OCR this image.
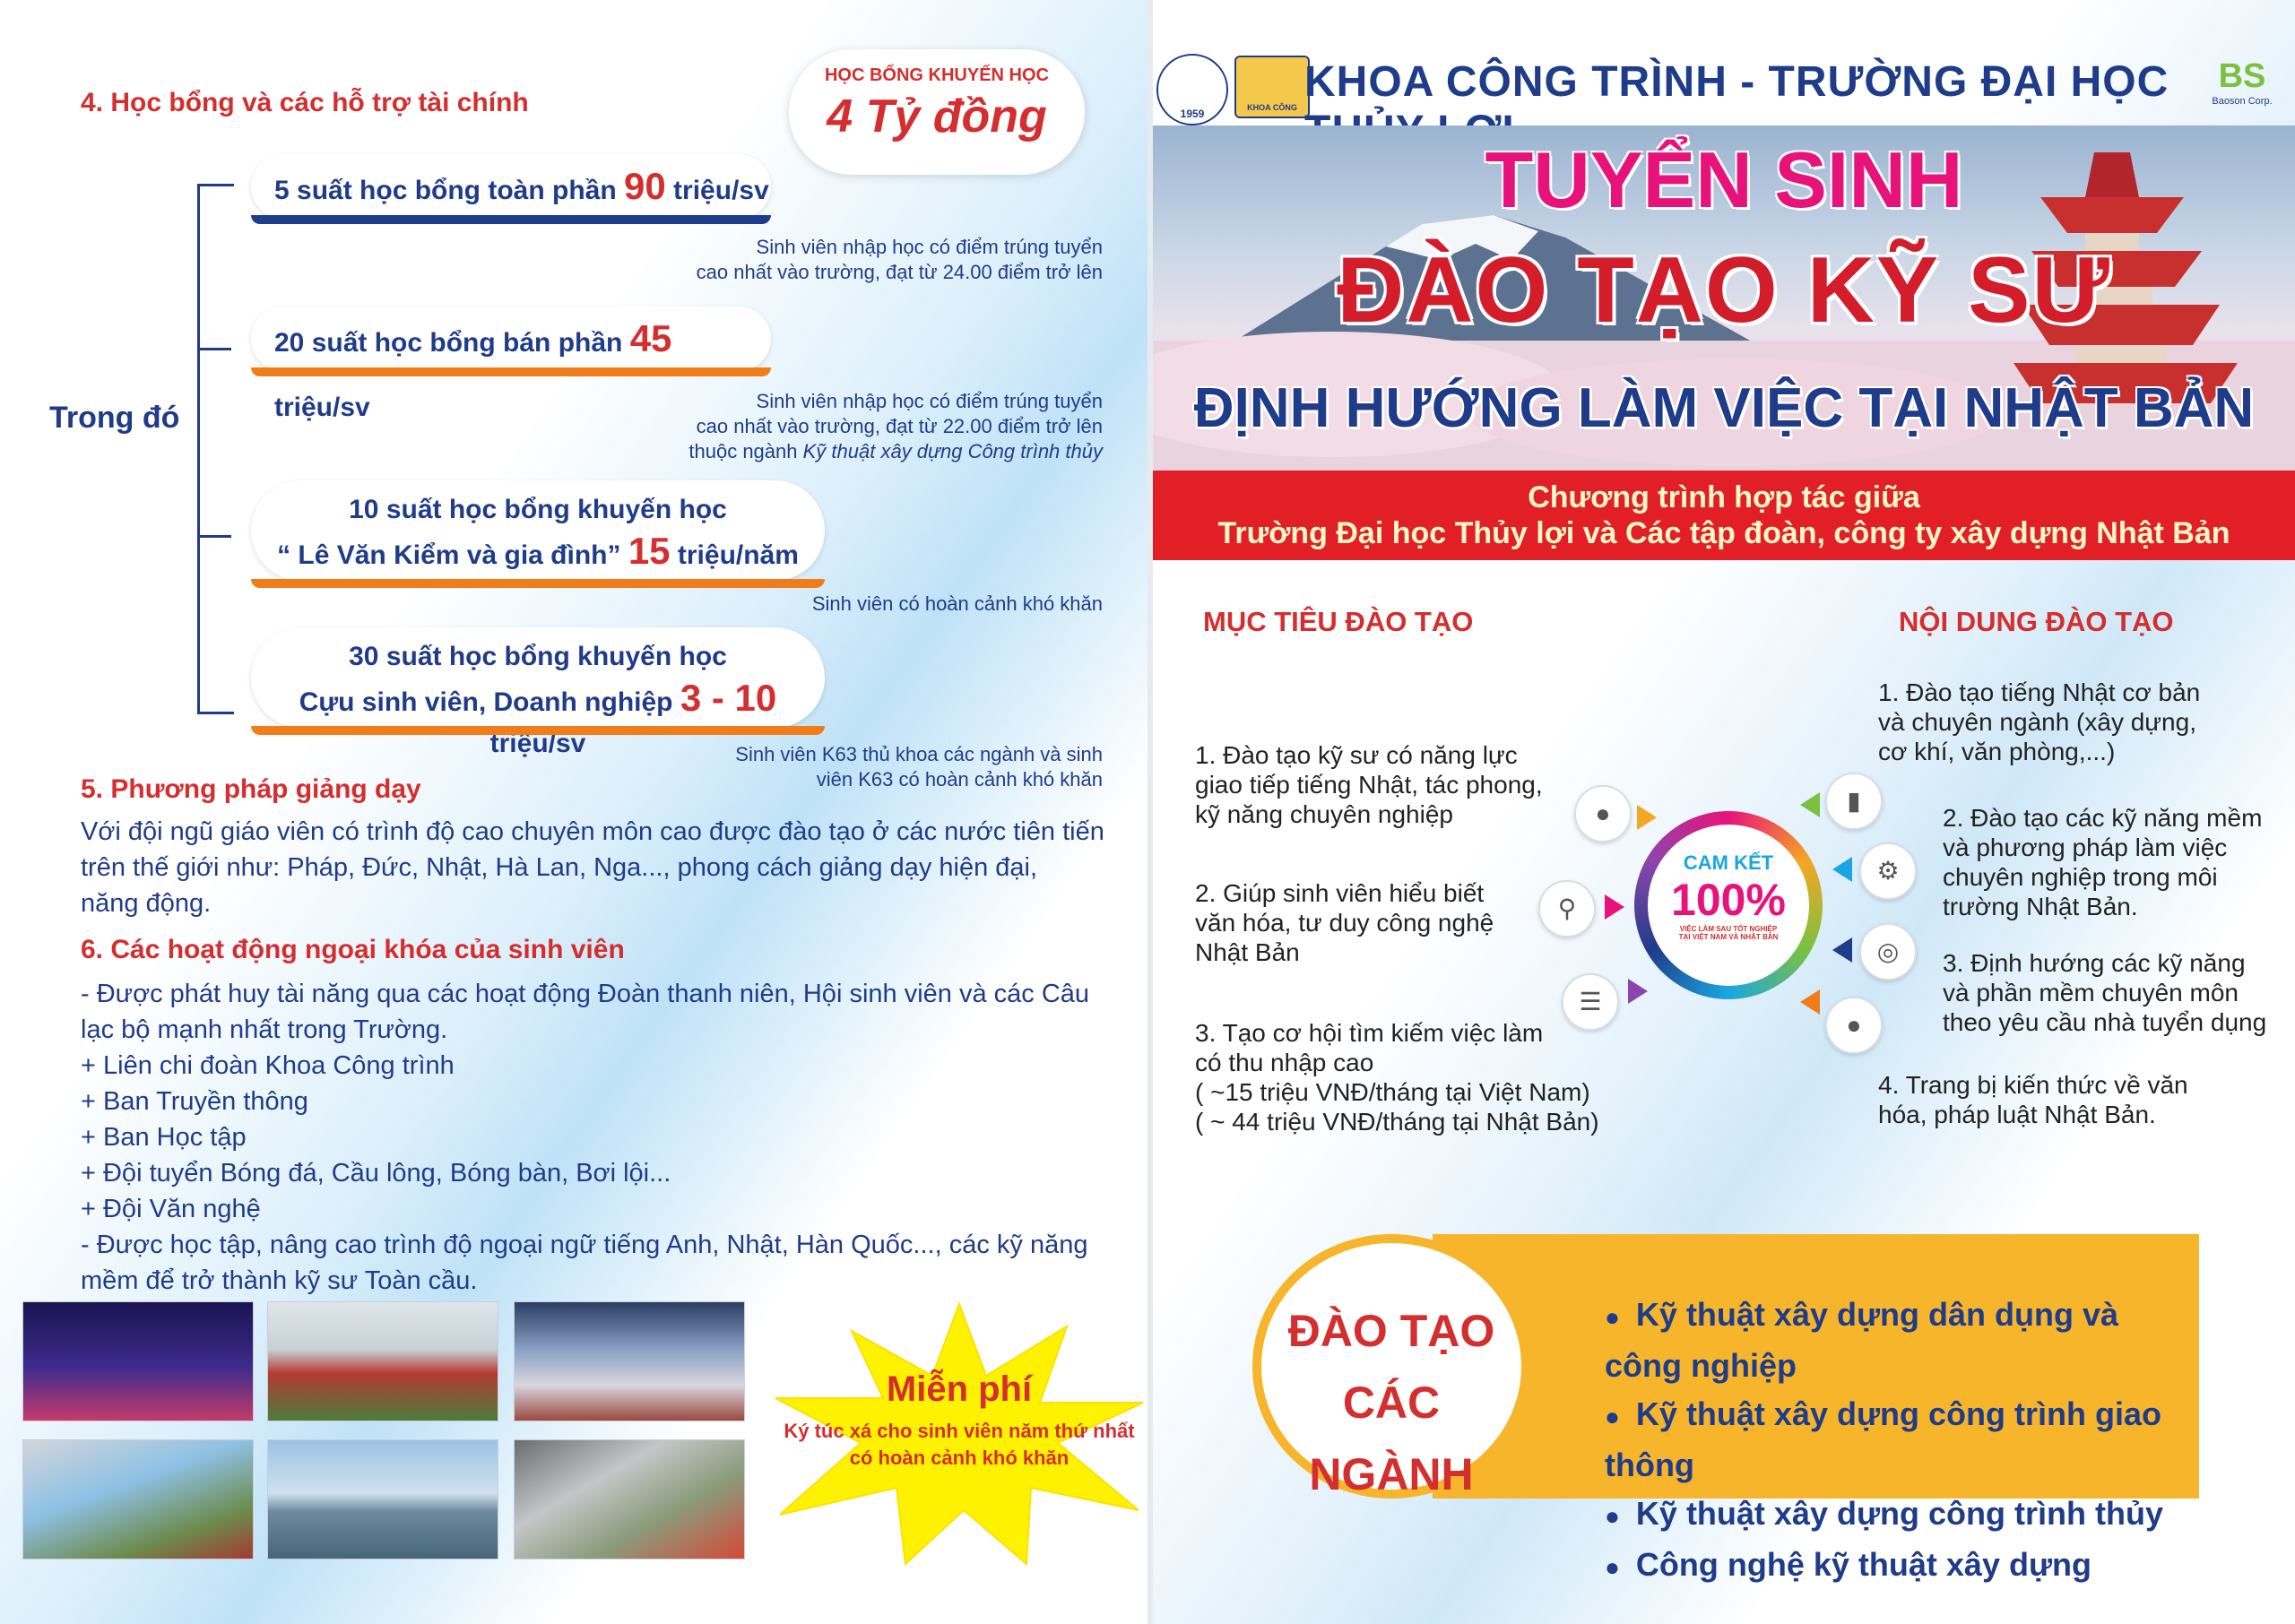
4. Học bổng và các hỗ trợ tài chính
HỌC BỔNG KHUYẾN HỌC
4 Tỷ đồng
Trong đó
5 suất học bổng toàn phần 90 triệu/sv
Sinh viên nhập học có điểm trúng tuyển
cao nhất vào trường, đạt từ 24.00 điểm trở lên
20 suất học bổng bán phần 45 triệu/sv	Sinh viên nhập học có điểm trúng tuyển
cao nhất vào trường, đạt từ 22.00 điểm trở lên
thuộc ngành Kỹ thuật xây dựng Công trình thủy
10 suất học bổng khuyến học
“ Lê Văn Kiểm và gia đình” 15 triệu/năm
Sinh viên có hoàn cảnh khó khăn
30 suất học bổng khuyến học
Cựu sinh viên, Doanh nghiệp 3 - 10 triệu/sv	Sinh viên K63 thủ khoa các ngành và sinh
viên K63 có hoàn cảnh khó khăn
5. Phương pháp giảng dạy
Với đội ngũ giáo viên có trình độ cao chuyên môn cao được đào tạo ở các nước tiên tiến
trên thế giới như: Pháp, Đức, Nhật, Hà Lan, Nga..., phong cách giảng dạy hiện đại,
năng động.
6. Các hoạt động ngoại khóa của sinh viên
- Được phát huy tài năng qua các hoạt động Đoàn thanh niên, Hội sinh viên và các Câu
lạc bộ mạnh nhất trong Trường.
+ Liên chi đoàn Khoa Công trình
+ Ban Truyền thông
+ Ban Học tập
+ Đội tuyển Bóng đá, Cầu lông, Bóng bàn, Bơi lội...
+ Đội Văn nghệ
- Được học tập, nâng cao trình độ ngoại ngữ tiếng Anh, Nhật, Hàn Quốc..., các kỹ năng
mềm để trở thành kỹ sư Toàn cầu.
Miễn phí
Ký túc xá cho sinh viên năm thứ nhất
có hoàn cảnh khó khăn
1959	KHOA CÔNG
KHOA CÔNG TRÌNH - TRƯỜNG ĐẠI HỌC	BS
Baoson Corp.
TUYỂN SINH
ĐÀO TẠO KỸ SƯ
ĐỊNH HƯỚNG LÀM VIỆC TẠI NHẬT BẢN
Chương trình hợp tác giữa
Trường Đại học Thủy lợi và Các tập đoàn, công ty xây dựng Nhật Bản
MỤC TIÊU ĐÀO TẠO
1. Đào tạo kỹ sư có năng lực
giao tiếp tiếng Nhật, tác phong,
kỹ năng chuyên nghiệp
2. Giúp sinh viên hiểu biết
văn hóa, tư duy công nghệ
Nhật Bản
3. Tạo cơ hội tìm kiếm việc làm
có thu nhập cao
( ~15 triệu VNĐ/tháng tại Việt Nam)
( ~ 44 triệu VNĐ/tháng tại Nhật Bản)
NỘI DUNG ĐÀO TẠO
1. Đào tạo tiếng Nhật cơ bản
và chuyên ngành (xây dựng,
cơ khí, văn phòng,...)
2. Đào tạo các kỹ năng mềm
và phương pháp làm việc
chuyên nghiệp trong môi
trường Nhật Bản.
3. Định hướng các kỹ năng
và phần mềm chuyên môn
theo yêu cầu nhà tuyển dụng
4. Trang bị kiến thức về văn
hóa, pháp luật Nhật Bản.
CAM KẾT
100%
VIỆC LÀM SAU TỐT NGHIỆP
TẠI VIỆT NAM VÀ NHẬT BẢN
●
⚲
☰
▮
⚙
◎
●
ĐÀO TẠO
CÁC NGÀNH
● Kỹ thuật xây dựng dân dụng và công nghiệp
● Kỹ thuật xây dựng công trình giao thông
● Kỹ thuật xây dựng công trình thủy
● Công nghệ kỹ thuật xây dựng
